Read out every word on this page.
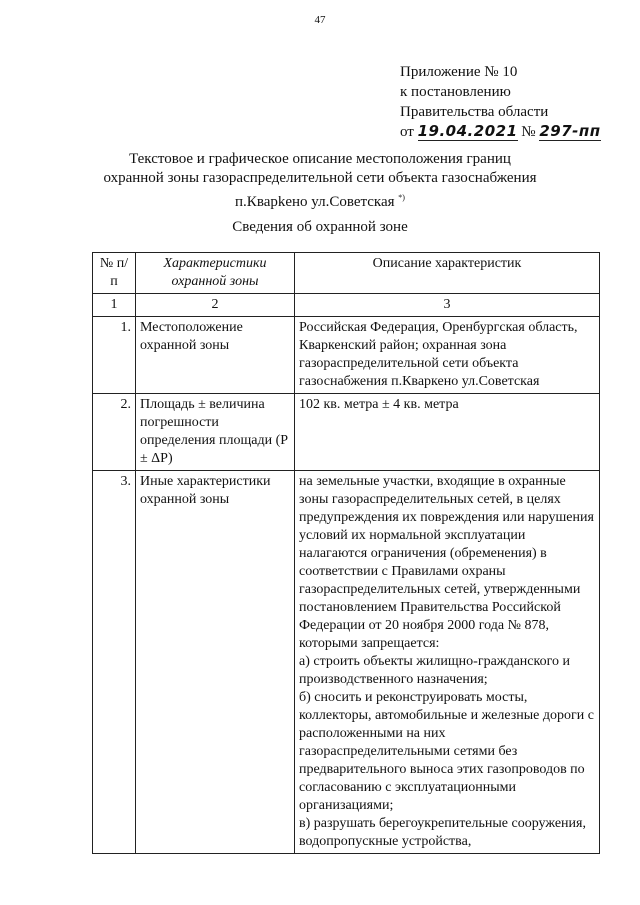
47
Приложение № 10
к постановлению
Правительства области
от 19.04.2021 № 297-пп
Текстовое и графическое описание местоположения границ
охранной зоны газораспределительной сети объекта газоснабжения
п.Кварkено ул.Советская *)
Сведения об охранной зоне
№ п/п	Характеристики охранной зоны	Описание характеристик
1	2	3
1.	Местоположение охранной зоны	Российская Федерация, Оренбургская область, Кваркенский район; охранная зона газораспределительной сети объекта газоснабжения п.Кваркено ул.Советская
2.	Площадь ± величина погрешности определения площади (P ± ΔP)	102 кв. метра ± 4 кв. метра
3.	Иные характеристики охранной зоны	на земельные участки, входящие в охранные зоны газораспределительных сетей, в целях предупреждения их повреждения или нарушения условий их нормальной эксплуатации налагаются ограничения (обременения) в соответствии с Правилами охраны газораспределительных сетей, утвержденными постановлением Правительства Российской Федерации от 20 ноября 2000 года № 878, которыми запрещается:
а) строить объекты жилищно-гражданского и производственного назначения;
б) сносить и реконструировать мосты, коллекторы, автомобильные и железные дороги с расположенными на них газораспределительными сетями без предварительного выноса этих газопроводов по согласованию с эксплуатационными организациями;
в) разрушать берегоукрепительные сооружения, водопропускные устройства,
